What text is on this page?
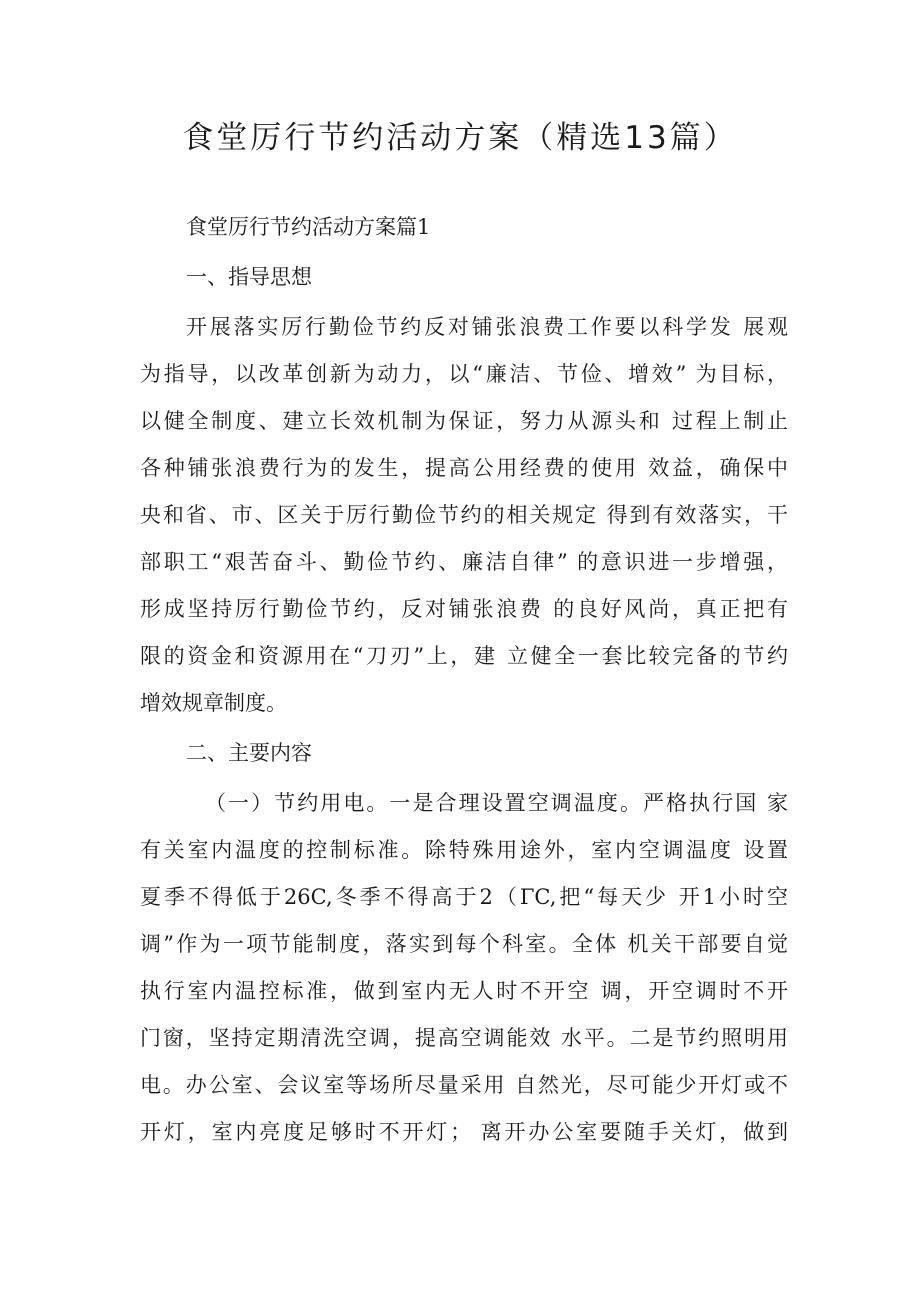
食堂厉行节约活动方案（精选13篇）
食堂厉行节约活动方案篇1
一、指导思想
开展落实厉行勤俭节约反对铺张浪费工作要以科学发 展观
为指导，以改革创新为动力，以“廉洁、节俭、增效” 为目标，
以健全制度、建立长效机制为保证，努力从源头和 过程上制止
各种铺张浪费行为的发生，提高公用经费的使用 效益，确保中
央和省、市、区关于厉行勤俭节约的相关规定 得到有效落实，干
部职工“艰苦奋斗、勤俭节约、廉洁自律” 的意识进一步增强，
形成坚持厉行勤俭节约，反对铺张浪费 的良好风尚，真正把有
限的资金和资源用在“刀刃”上，建 立健全一套比较完备的节约
增效规章制度。
二、主要内容
（一）节约用电。一是合理设置空调温度。严格执行国 家
有关室内温度的控制标准。除特殊用途外，室内空调温度 设置
夏季不得低于26C,冬季不得高于2（ΓC,把“每天少 开1小时空
调”作为一项节能制度，落实到每个科室。全体 机关干部要自觉
执行室内温控标准，做到室内无人时不开空 调，开空调时不开
门窗，坚持定期清洗空调，提高空调能效 水平。二是节约照明用
电。办公室、会议室等场所尽量采用 自然光，尽可能少开灯或不
开灯，室内亮度足够时不开灯； 离开办公室要随手关灯，做到
